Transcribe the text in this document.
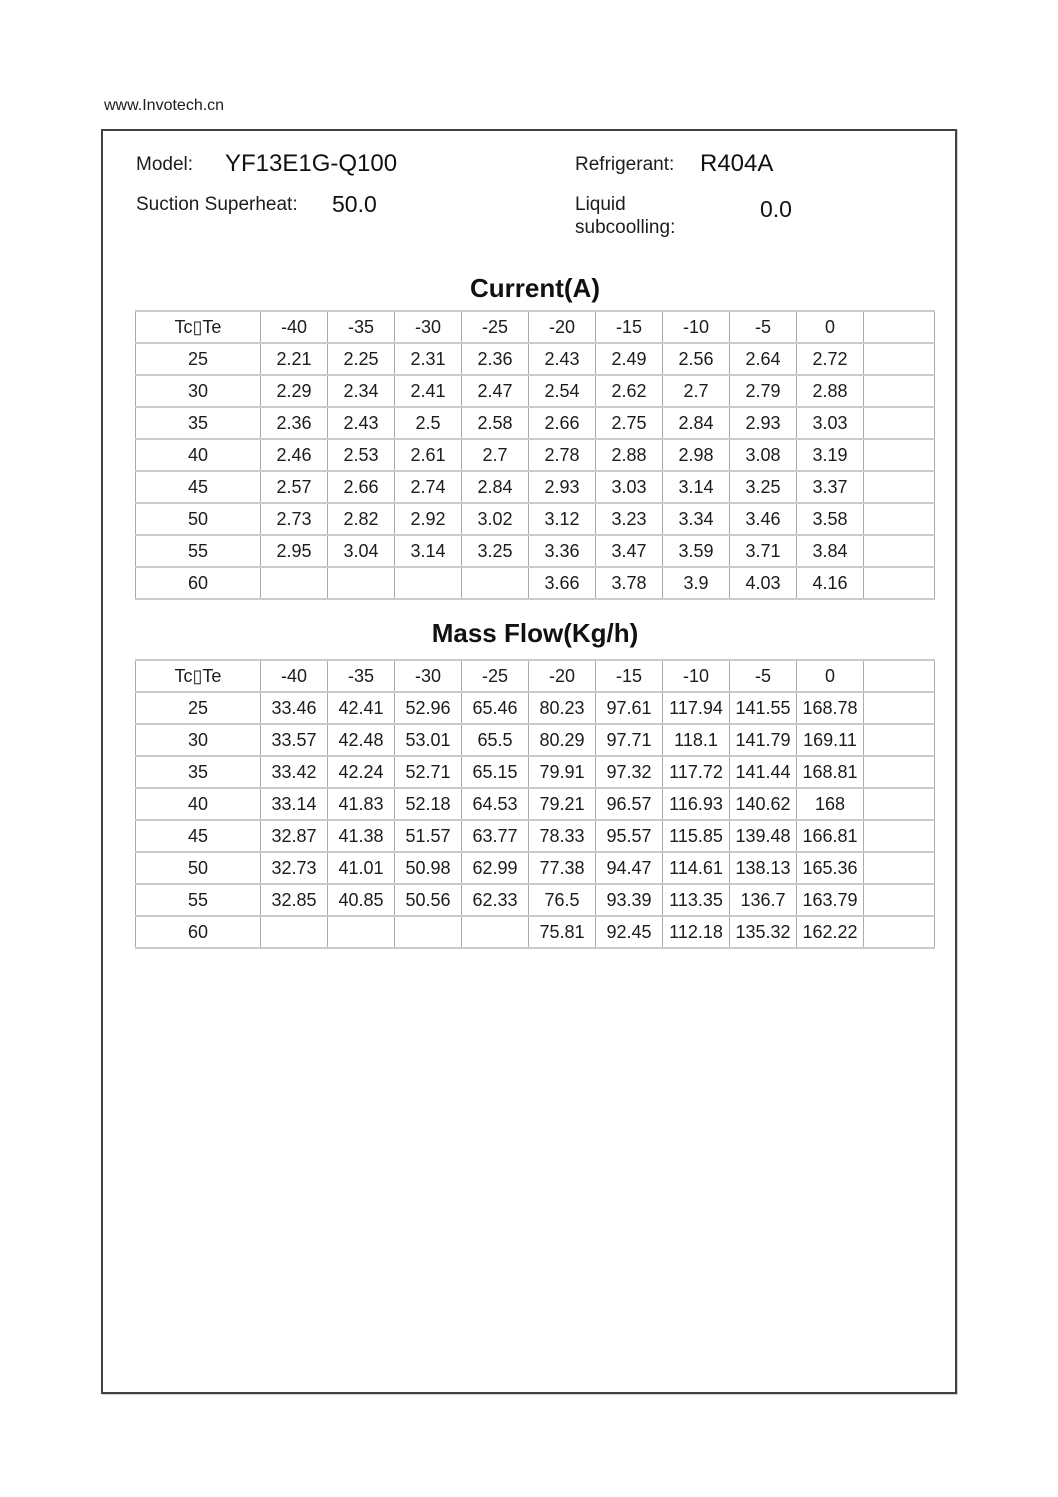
www.Invotech.cn
Model: YF13E1G-Q100
Suction Superheat: 50.0
Refrigerant: R404A
Liquid subcoolling:
0.0
Current(A)
Tc▯Te	-40	-35	-30	-25	-20	-15	-10	-5	0	
25	2.21	2.25	2.31	2.36	2.43	2.49	2.56	2.64	2.72	
30	2.29	2.34	2.41	2.47	2.54	2.62	2.7	2.79	2.88	
35	2.36	2.43	2.5	2.58	2.66	2.75	2.84	2.93	3.03	
40	2.46	2.53	2.61	2.7	2.78	2.88	2.98	3.08	3.19	
45	2.57	2.66	2.74	2.84	2.93	3.03	3.14	3.25	3.37	
50	2.73	2.82	2.92	3.02	3.12	3.23	3.34	3.46	3.58	
55	2.95	3.04	3.14	3.25	3.36	3.47	3.59	3.71	3.84	
60					3.66	3.78	3.9	4.03	4.16	
Mass Flow(Kg/h)
Tc▯Te	-40	-35	-30	-25	-20	-15	-10	-5	0	
25	33.46	42.41	52.96	65.46	80.23	97.61	117.94	141.55	168.78	
30	33.57	42.48	53.01	65.5	80.29	97.71	118.1	141.79	169.11	
35	33.42	42.24	52.71	65.15	79.91	97.32	117.72	141.44	168.81	
40	33.14	41.83	52.18	64.53	79.21	96.57	116.93	140.62	168	
45	32.87	41.38	51.57	63.77	78.33	95.57	115.85	139.48	166.81	
50	32.73	41.01	50.98	62.99	77.38	94.47	114.61	138.13	165.36	
55	32.85	40.85	50.56	62.33	76.5	93.39	113.35	136.7	163.79	
60					75.81	92.45	112.18	135.32	162.22	
